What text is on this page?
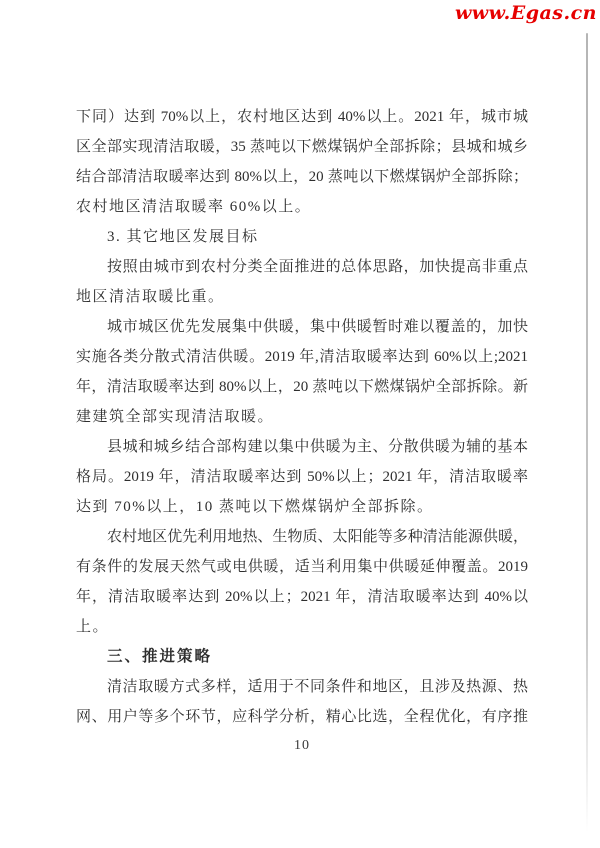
www.Egas.cn
下同）达到 70%以上，农村地区达到 40%以上。2021 年，城市城
区全部实现清洁取暖，35 蒸吨以下燃煤锅炉全部拆除；县城和城乡
结合部清洁取暖率达到 80%以上，20 蒸吨以下燃煤锅炉全部拆除；
农村地区清洁取暖率 60%以上。
3. 其它地区发展目标
按照由城市到农村分类全面推进的总体思路，加快提高非重点
地区清洁取暖比重。
城市城区优先发展集中供暖，集中供暖暂时难以覆盖的，加快
实施各类分散式清洁供暖。2019 年,清洁取暖率达到 60%以上;2021
年，清洁取暖率达到 80%以上，20 蒸吨以下燃煤锅炉全部拆除。新
建建筑全部实现清洁取暖。
县城和城乡结合部构建以集中供暖为主、分散供暖为辅的基本
格局。2019 年，清洁取暖率达到 50%以上；2021 年，清洁取暖率
达到 70%以上，10 蒸吨以下燃煤锅炉全部拆除。
农村地区优先利用地热、生物质、太阳能等多种清洁能源供暖，
有条件的发展天然气或电供暖，适当利用集中供暖延伸覆盖。2019
年，清洁取暖率达到 20%以上；2021 年，清洁取暖率达到 40%以
上。
三、推进策略
清洁取暖方式多样，适用于不同条件和地区，且涉及热源、热
网、用户等多个环节，应科学分析，精心比选，全程优化，有序推
10
